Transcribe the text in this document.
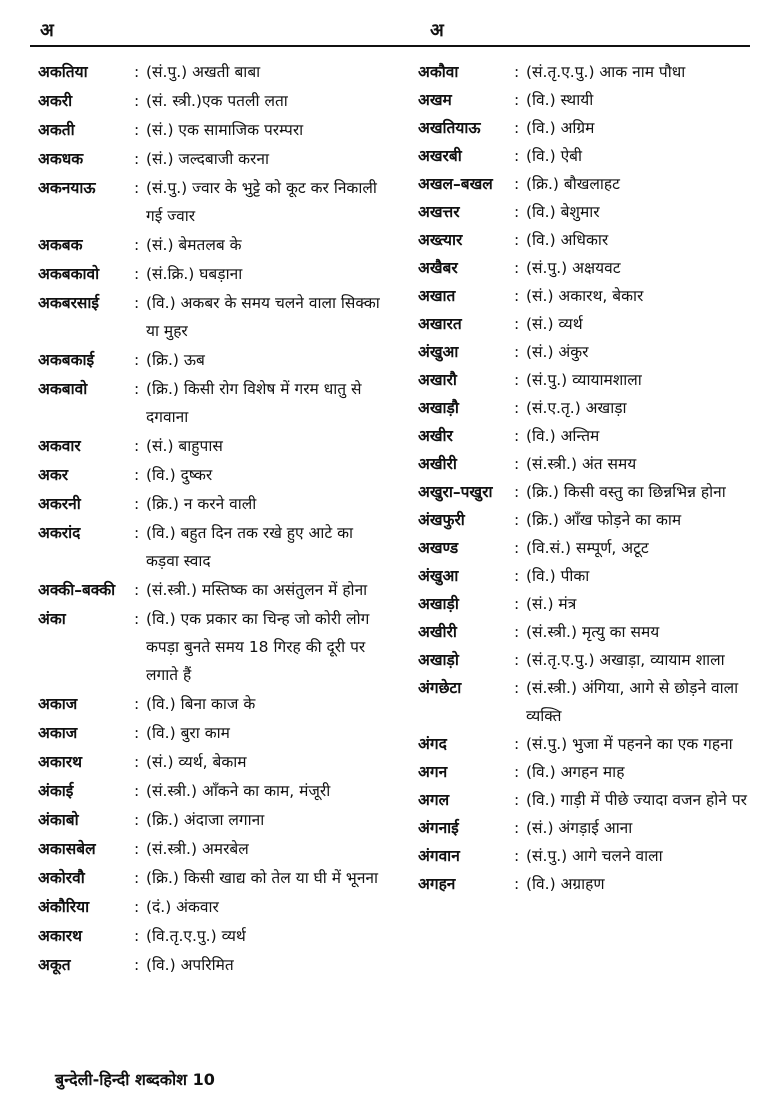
अ	अ
अकतिया	: (सं.पु.) अखती बाबा
अकरी	: (सं. स्त्री.)एक पतली लता
अकती	: (सं.) एक सामाजिक परम्परा
अकधक	: (सं.) जल्दबाजी करना
अकनयाऊ	: (सं.पु.) ज्वार के भुट्टे को कूट कर निकाली गई ज्वार
अकबक	: (सं.) बेमतलब के
अकबकावो	: (सं.क्रि.) घबड़ाना
अकबरसाई	: (वि.) अकबर के समय चलने वाला सिक्का या मुहर
अकबकाई	: (क्रि.) ऊब
अकबावो	: (क्रि.) किसी रोग विशेष में गरम धातु से दगवाना
अकवार	: (सं.) बाहुपास
अकर	: (वि.) दुष्कर
अकरनी	: (क्रि.) न करने वाली
अकरांद	: (वि.) बहुत दिन तक रखे हुए आटे का कड़वा स्वाद
अक्की–बक्की	: (सं.स्त्री.) मस्तिष्क का असंतुलन में होना
अंका	: (वि.) एक प्रकार का चिन्ह जो कोरी लोग कपड़ा बुनते समय 18 गिरह की दूरी पर लगाते हैं
अकाज	: (वि.) बिना काज के
अकाज	: (वि.) बुरा काम
अकारथ	: (सं.) व्यर्थ, बेकाम
अंकाई	: (सं.स्त्री.) आँकने का काम, मंजूरी
अंकाबो	: (क्रि.) अंदाजा लगाना
अकासबेल	: (सं.स्त्री.) अमरबेल
अकोरवौ	: (क्रि.) किसी खाद्य को तेल या घी में भूनना
अंकौरिया	: (दं.) अंकवार
अकारथ	: (वि.तृ.ए.पु.) व्यर्थ
अकूत	: (वि.) अपरिमित
अकौवा	: (सं.तृ.ए.पु.) आक नाम पौधा
अखम	: (वि.) स्थायी
अखतियाऊ	: (वि.) अग्रिम
अखरबी	: (वि.) ऐबी
अखल–बखल	: (क्रि.) बौखलाहट
अखत्तर	: (वि.) बेशुमार
अख्त्यार	: (वि.) अधिकार
अखैबर	: (सं.पु.) अक्षयवट
अखात	: (सं.) अकारथ, बेकार
अखारत	: (सं.) व्यर्थ
अंखुआ	: (सं.) अंकुर
अखारौ	: (सं.पु.) व्यायामशाला
अखाड़ौ	: (सं.ए.तृ.) अखाड़ा
अखीर	: (वि.) अन्तिम
अखीरी	: (सं.स्त्री.) अंत समय
अखुरा–पखुरा	: (क्रि.) किसी वस्तु का छिन्नभिन्न होना
अंखफुरी	: (क्रि.) आँख फोड़ने का काम
अखण्ड	: (वि.सं.) सम्पूर्ण, अटूट
अंखुआ	: (वि.) पीका
अखाड़ी	: (सं.) मंत्र
अखीरी	: (सं.स्त्री.) मृत्यु का समय
अखाड़ो	: (सं.तृ.ए.पु.) अखाड़ा, व्यायाम शाला
अंगछेटा	: (सं.स्त्री.) अंगिया, आगे से छोड़ने वाला व्यक्ति
अंगद	: (सं.पु.) भुजा में पहनने का एक गहना
अगन	: (वि.) अगहन माह
अगल	: (वि.) गाड़ी में पीछे ज्यादा वजन होने पर
अंगनाई	: (सं.) अंगड़ाई आना
अंगवान	: (सं.पु.) आगे चलने वाला
अगहन	: (वि.) अग्राहण
बुन्देली-हिन्दी शब्दकोश 10
